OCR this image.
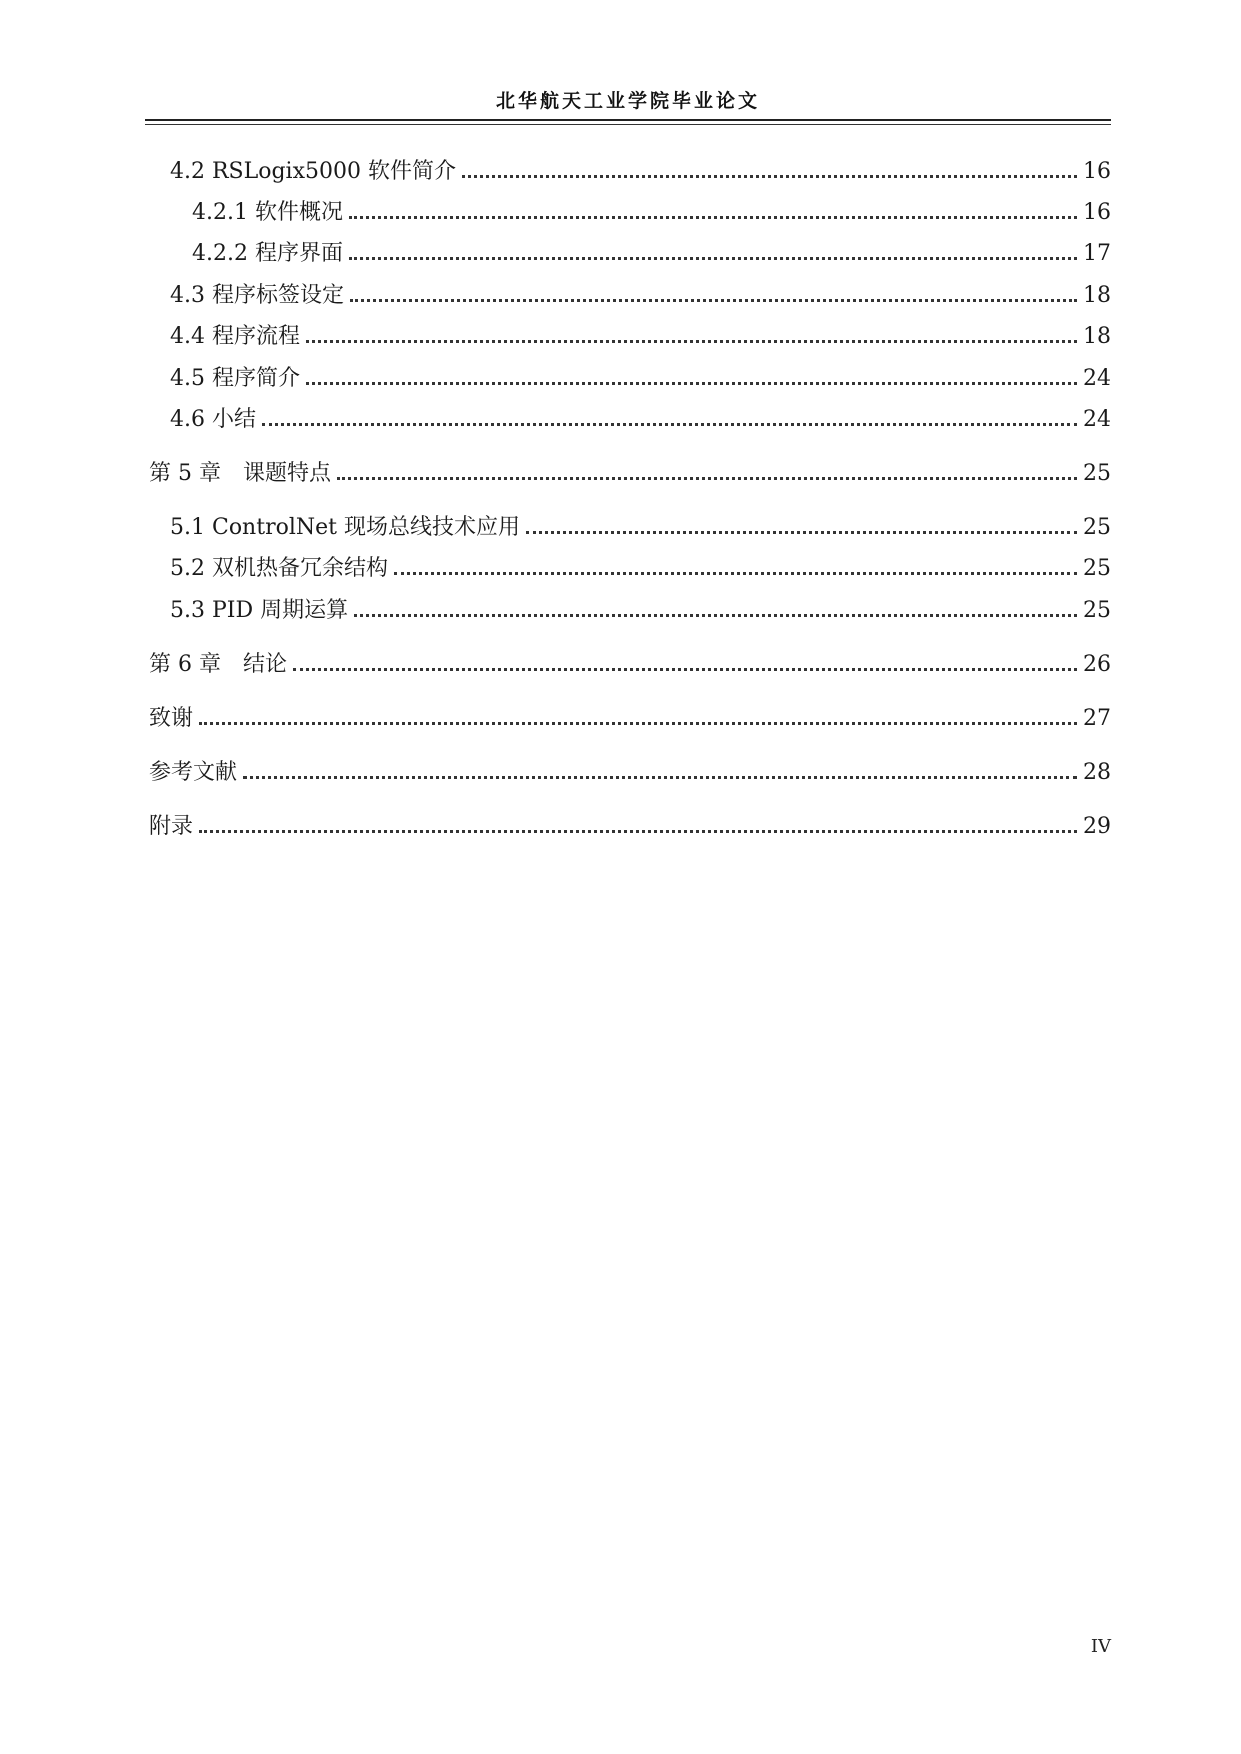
北华航天工业学院毕业论文
4.2 RSLogix5000 软件简介	16
4.2.1 软件概况	16
4.2.2 程序界面	17
4.3 程序标签设定	18
4.4 程序流程	18
4.5 程序简介	24
4.6 小结	24
第 5 章　课题特点	25
5.1 ControlNet 现场总线技术应用	25
5.2 双机热备冗余结构	25
5.3 PID 周期运算	25
第 6 章　结论	26
致谢	27
参考文献	28
附录	29
IV
